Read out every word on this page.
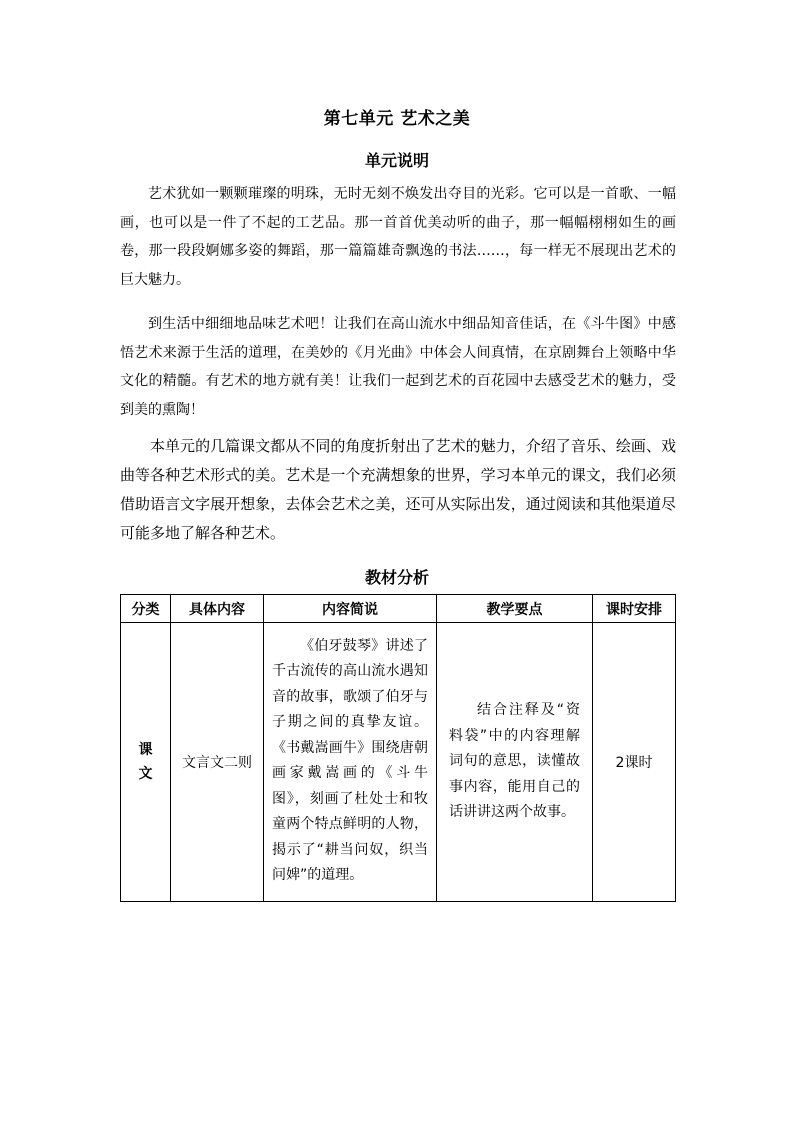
第七单元 艺术之美
单元说明

艺术犹如一颗颗璀璨的明珠，无时无刻不焕发出夺目的光彩。它可以是一首歌、一幅画，也可以是一件了不起的工艺品。那一首首优美动听的曲子，那一幅幅栩栩如生的画卷，那一段段婀娜多姿的舞蹈，那一篇篇雄奇飘逸的书法……，每一样无不展现出艺术的巨大魅力。

到生活中细细地品味艺术吧！让我们在高山流水中细品知音佳话，在《斗牛图》中感悟艺术来源于生活的道理，在美妙的《月光曲》中体会人间真情，在京剧舞台上领略中华文化的精髓。有艺术的地方就有美！让我们一起到艺术的百花园中去感受艺术的魅力，受到美的熏陶！

本单元的几篇课文都从不同的角度折射出了艺术的魅力，介绍了音乐、绘画、戏曲等各种艺术形式的美。艺术是一个充满想象的世界，学习本单元的课文，我们必须借助语言文字展开想象，去体会艺术之美，还可从实际出发，通过阅读和其他渠道尽可能多地了解各种艺术。

教材分析
分类	具体内容	内容简说	教学要点	课时安排

课
文	文言文二则	《伯牙鼓琴》讲述了千古流传的高山流水遇知音的故事，歌颂了伯牙与子期之间的真挚友谊。《书戴嵩画牛》围绕唐朝画家戴嵩画的《斗牛图》，刻画了杜处士和牧童两个特点鲜明的人物，揭示了“耕当问奴，织当问婢”的道理。	结合注释及“资料袋”中的内容理解词句的意思，读懂故事内容，能用自己的话讲讲这两个故事。	2课时
